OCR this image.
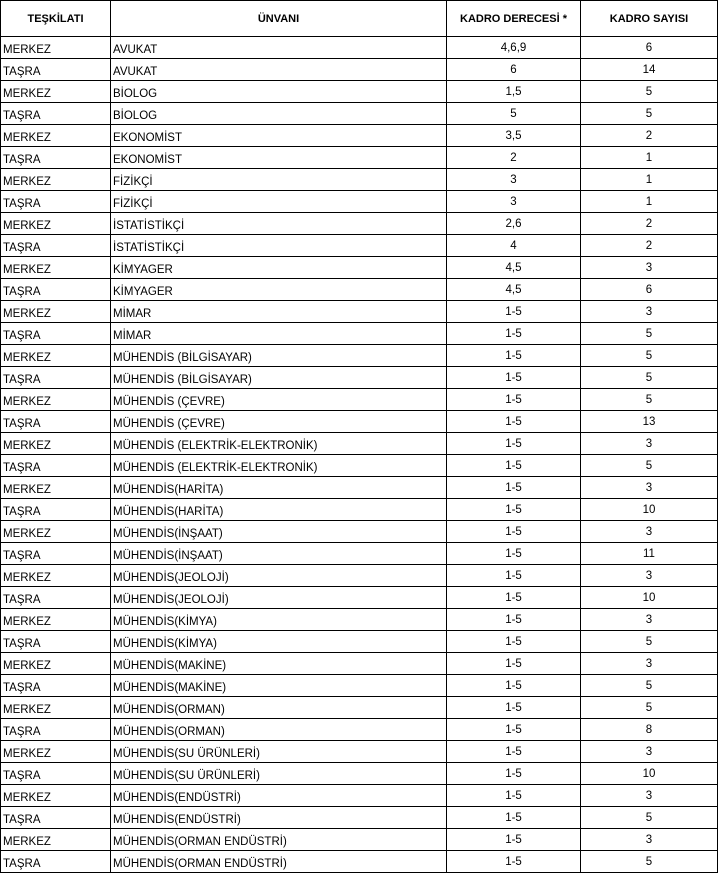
TEŞKİLATI	ÜNVANI	KADRO DERECESİ *	KADRO SAYISI
MERKEZ	AVUKAT	4,6,9	6
TAŞRA	AVUKAT	6	14
MERKEZ	BİOLOG	1,5	5
TAŞRA	BİOLOG	5	5
MERKEZ	EKONOMİST	3,5	2
TAŞRA	EKONOMİST	2	1
MERKEZ	FİZİKÇİ	3	1
TAŞRA	FİZİKÇİ	3	1
MERKEZ	İSTATİSTİKÇİ	2,6	2
TAŞRA	İSTATİSTİKÇİ	4	2
MERKEZ	KİMYAGER	4,5	3
TAŞRA	KİMYAGER	4,5	6
MERKEZ	MİMAR	1-5	3
TAŞRA	MİMAR	1-5	5
MERKEZ	MÜHENDİS (BİLGİSAYAR)	1-5	5
TAŞRA	MÜHENDİS (BİLGİSAYAR)	1-5	5
MERKEZ	MÜHENDİS (ÇEVRE)	1-5	5
TAŞRA	MÜHENDİS (ÇEVRE)	1-5	13
MERKEZ	MÜHENDİS (ELEKTRİK-ELEKTRONİK)	1-5	3
TAŞRA	MÜHENDİS (ELEKTRİK-ELEKTRONİK)	1-5	5
MERKEZ	MÜHENDİS(HARİTA)	1-5	3
TAŞRA	MÜHENDİS(HARİTA)	1-5	10
MERKEZ	MÜHENDİS(İNŞAAT)	1-5	3
TAŞRA	MÜHENDİS(İNŞAAT)	1-5	11
MERKEZ	MÜHENDİS(JEOLOJİ)	1-5	3
TAŞRA	MÜHENDİS(JEOLOJİ)	1-5	10
MERKEZ	MÜHENDİS(KİMYA)	1-5	3
TAŞRA	MÜHENDİS(KİMYA)	1-5	5
MERKEZ	MÜHENDİS(MAKİNE)	1-5	3
TAŞRA	MÜHENDİS(MAKİNE)	1-5	5
MERKEZ	MÜHENDİS(ORMAN)	1-5	5
TAŞRA	MÜHENDİS(ORMAN)	1-5	8
MERKEZ	MÜHENDİS(SU ÜRÜNLERİ)	1-5	3
TAŞRA	MÜHENDİS(SU ÜRÜNLERİ)	1-5	10
MERKEZ	MÜHENDİS(ENDÜSTRİ)	1-5	3
TAŞRA	MÜHENDİS(ENDÜSTRİ)	1-5	5
MERKEZ	MÜHENDİS(ORMAN ENDÜSTRİ)	1-5	3
TAŞRA	MÜHENDİS(ORMAN ENDÜSTRİ)	1-5	5
